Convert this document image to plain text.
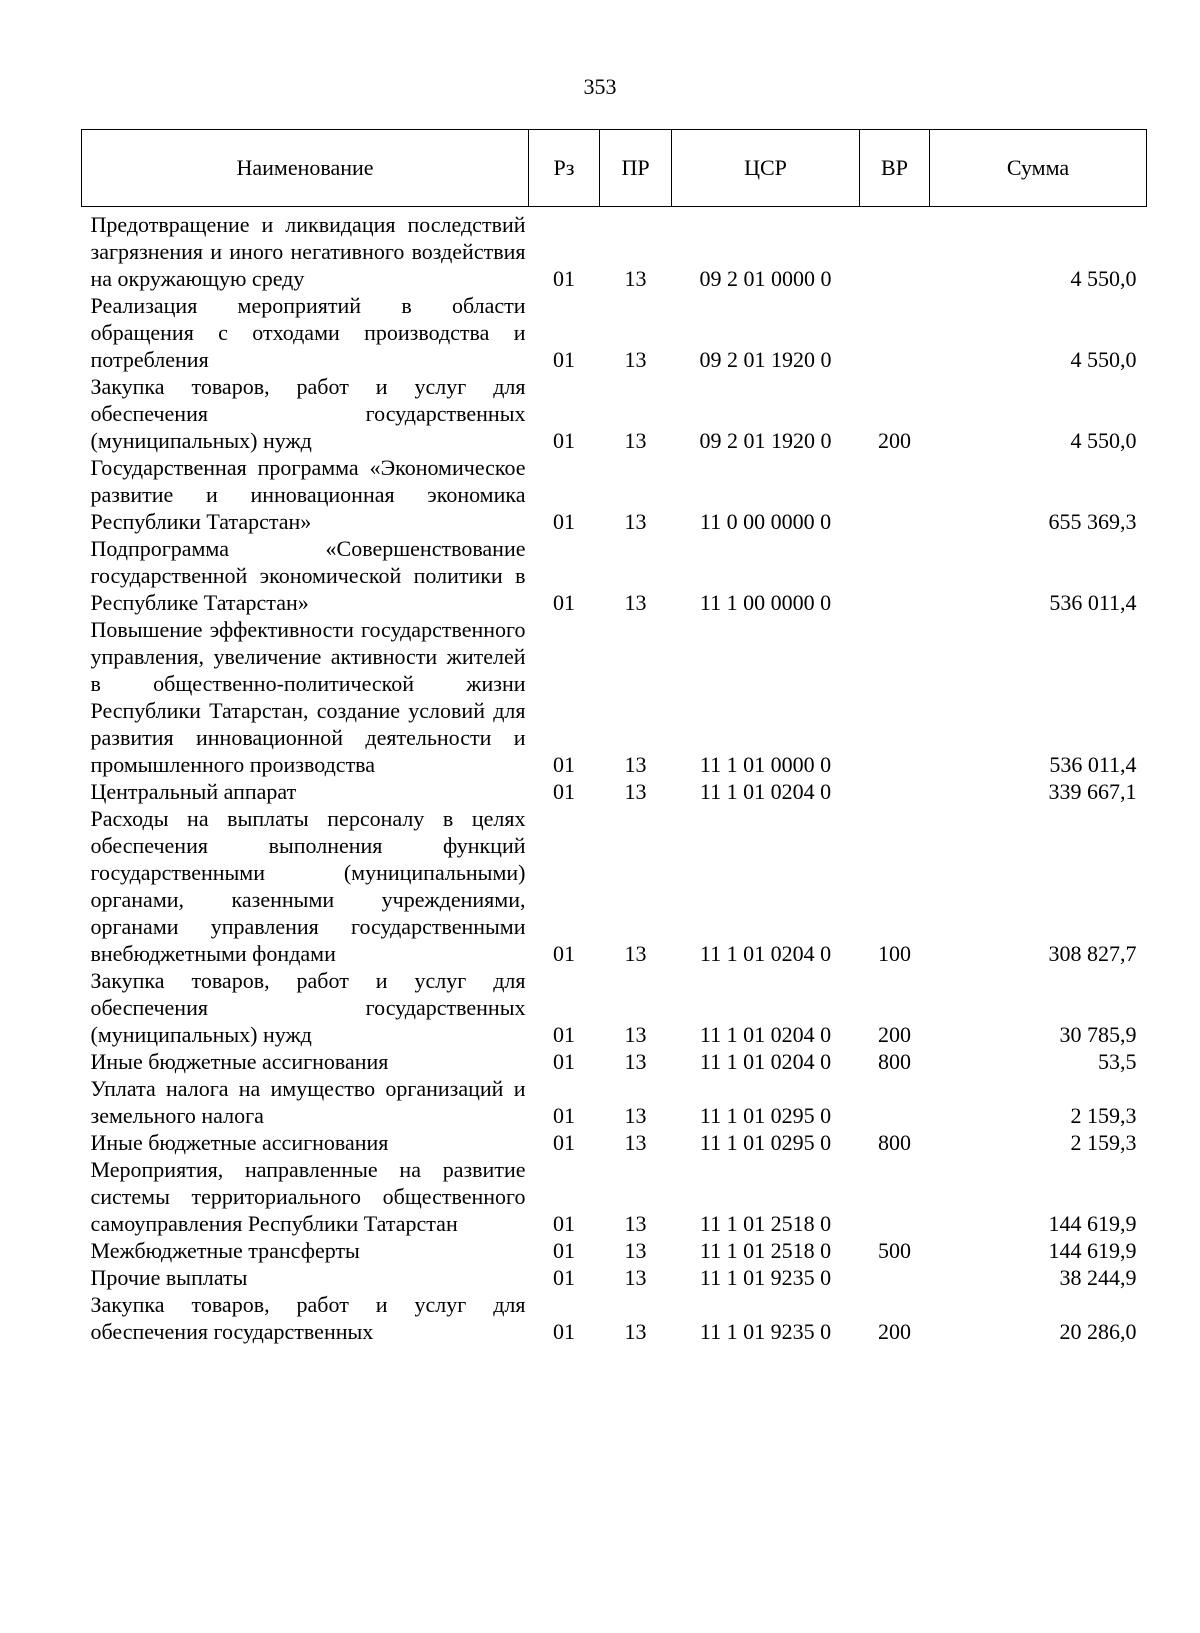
353
Наименование	Рз	ПР	ЦСР	ВР	Сумма
Предотвращение и ликвидация последствий загрязнения и иного негативного воздействия на окружающую среду	01	13	09 2 01 0000 0		4 550,0
Реализация мероприятий в области обращения с отходами производства и потребления	01	13	09 2 01 1920 0		4 550,0
Закупка товаров, работ и услуг для обеспечения государственных (муниципальных) нужд	01	13	09 2 01 1920 0	200	4 550,0
Государственная программа «Экономическое развитие и инновационная экономика Республики Татарстан»	01	13	11 0 00 0000 0		655 369,3
Подпрограмма «Совершенствование государственной экономической политики в Республике Татарстан»	01	13	11 1 00 0000 0		536 011,4
Повышение эффективности государственного управления, увеличение активности жителей в общественно-политической жизни Республики Татарстан, создание условий для развития инновационной деятельности и промышленного производства	01	13	11 1 01 0000 0		536 011,4
Центральный аппарат	01	13	11 1 01 0204 0		339 667,1
Расходы на выплаты персоналу в целях обеспечения выполнения функций государственными (муниципальными) органами, казенными учреждениями, органами управления государственными внебюджетными фондами	01	13	11 1 01 0204 0	100	308 827,7
Закупка товаров, работ и услуг для обеспечения государственных (муниципальных) нужд	01	13	11 1 01 0204 0	200	30 785,9
Иные бюджетные ассигнования	01	13	11 1 01 0204 0	800	53,5
Уплата налога на имущество организаций и земельного налога	01	13	11 1 01 0295 0		2 159,3
Иные бюджетные ассигнования	01	13	11 1 01 0295 0	800	2 159,3
Мероприятия, направленные на развитие системы территориального общественного самоуправления Республики Татарстан	01	13	11 1 01 2518 0		144 619,9
Межбюджетные трансферты	01	13	11 1 01 2518 0	500	144 619,9
Прочие выплаты	01	13	11 1 01 9235 0		38 244,9
Закупка товаров, работ и услуг для обеспечения государственных	01	13	11 1 01 9235 0	200	20 286,0
